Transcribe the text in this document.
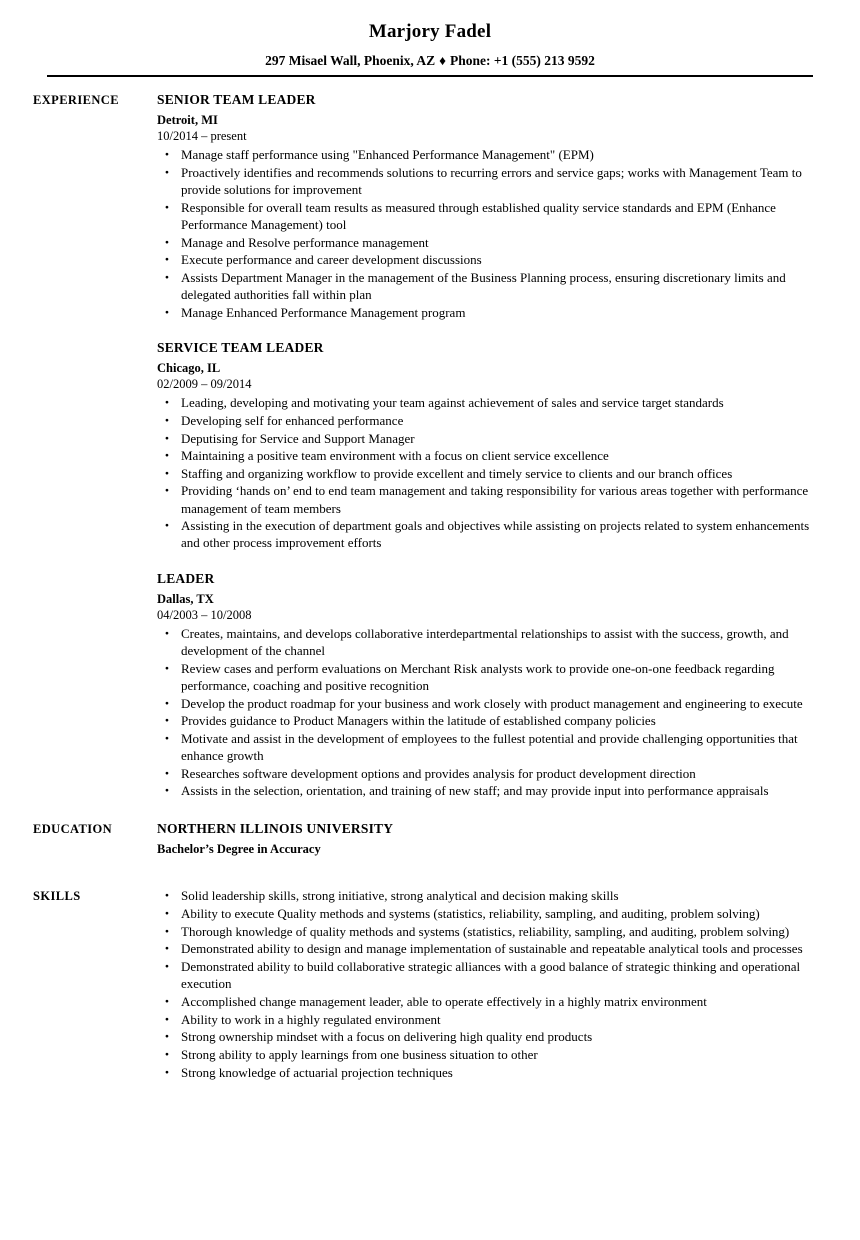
Marjory Fadel
297 Misael Wall, Phoenix, AZ ♦ Phone: +1 (555) 213 9592
EXPERIENCE	SENIOR TEAM LEADER
Detroit, MI
10/2014 – present
● Manage staff performance using "Enhanced Performance Management" (EPM)
● Proactively identifies and recommends solutions to recurring errors and service gaps; works with Management Team to provide solutions for improvement
● Responsible for overall team results as measured through established quality service standards and EPM (Enhance Performance Management) tool
● Manage and Resolve performance management
● Execute performance and career development discussions
● Assists Department Manager in the management of the Business Planning process, ensuring discretionary limits and delegated authorities fall within plan
● Manage Enhanced Performance Management program
SERVICE TEAM LEADER
Chicago, IL
02/2009 – 09/2014
● Leading, developing and motivating your team against achievement of sales and service target standards
● Developing self for enhanced performance
● Deputising for Service and Support Manager
● Maintaining a positive team environment with a focus on client service excellence
● Staffing and organizing workflow to provide excellent and timely service to clients and our branch offices
● Providing ‘hands on’ end to end team management and taking responsibility for various areas together with performance management of team members
● Assisting in the execution of department goals and objectives while assisting on projects related to system enhancements and other process improvement efforts
LEADER
Dallas, TX
04/2003 – 10/2008
● Creates, maintains, and develops collaborative interdepartmental relationships to assist with the success, growth, and development of the channel
● Review cases and perform evaluations on Merchant Risk analysts work to provide one-on-one feedback regarding performance, coaching and positive recognition
● Develop the product roadmap for your business and work closely with product management and engineering to execute
● Provides guidance to Product Managers within the latitude of established company policies
● Motivate and assist in the development of employees to the fullest potential and provide challenging opportunities that enhance growth
● Researches software development options and provides analysis for product development direction
● Assists in the selection, orientation, and training of new staff; and may provide input into performance appraisals
EDUCATION	NORTHERN ILLINOIS UNIVERSITY
Bachelor’s Degree in Accuracy
SKILLS	● Solid leadership skills, strong initiative, strong analytical and decision making skills
● Ability to execute Quality methods and systems (statistics, reliability, sampling, and auditing, problem solving)
● Thorough knowledge of quality methods and systems (statistics, reliability, sampling, and auditing, problem solving)
● Demonstrated ability to design and manage implementation of sustainable and repeatable analytical tools and processes
● Demonstrated ability to build collaborative strategic alliances with a good balance of strategic thinking and operational execution
● Accomplished change management leader, able to operate effectively in a highly matrix environment
● Ability to work in a highly regulated environment
● Strong ownership mindset with a focus on delivering high quality end products
● Strong ability to apply learnings from one business situation to other
● Strong knowledge of actuarial projection techniques
